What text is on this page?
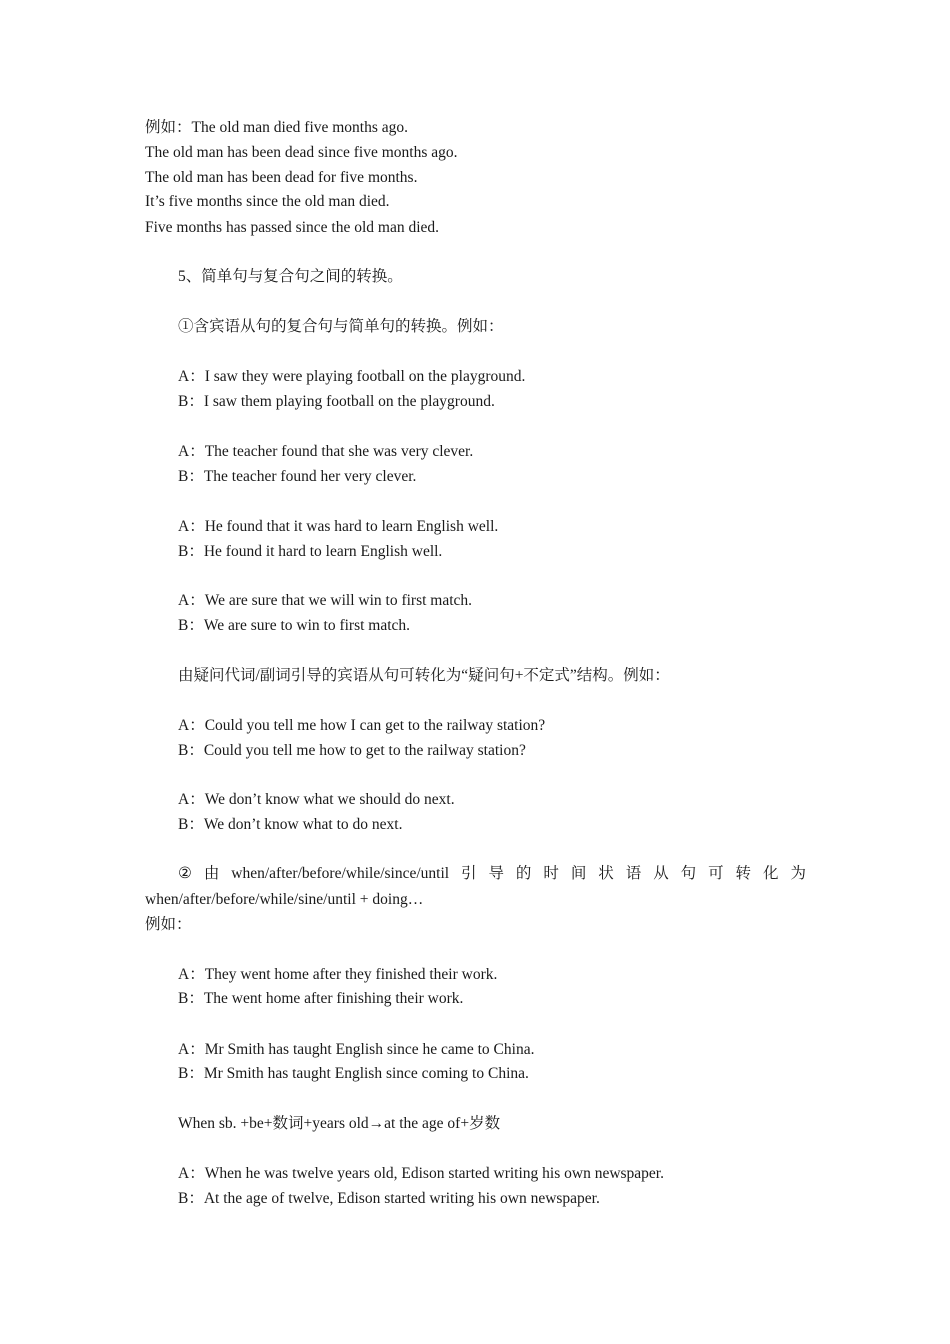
例如：The old man died five months ago.
The old man has been dead since five months ago.
The old man has been dead for five months.
It’s five months since the old man died.
Five months has passed since the old man died.
5、简单句与复合句之间的转换。
①含宾语从句的复合句与简单句的转换。例如：
A：I saw they were playing football on the playground.
B：I saw them playing football on the playground.
A：The teacher found that she was very clever.
B：The teacher found her very clever.
A：He found that it was hard to learn English well.
B：He found it hard to learn English well.
A：We are sure that we will win to first match.
B：We are sure to win to first match.
由疑问代词/副词引导的宾语从句可转化为“疑问句+不定式”结构。例如：
A：Could you tell me how I can get to the railway station?
B：Could you tell me how to get to the railway station?
A：We don’t know what we should do next.
B：We don’t know what to do next.
② 由 when/after/before/while/since/until 引 导 的 时 间 状 语 从 句 可 转 化 为
when/after/before/while/sine/until + doing…
例如：
A：They went home after they finished their work.
B：The went home after finishing their work.
A：Mr Smith has taught English since he came to China.
B：Mr Smith has taught English since coming to China.
When sb. +be+数词+years old→at the age of+岁数
A：When he was twelve years old, Edison started writing his own newspaper.
B：At the age of twelve, Edison started writing his own newspaper.
